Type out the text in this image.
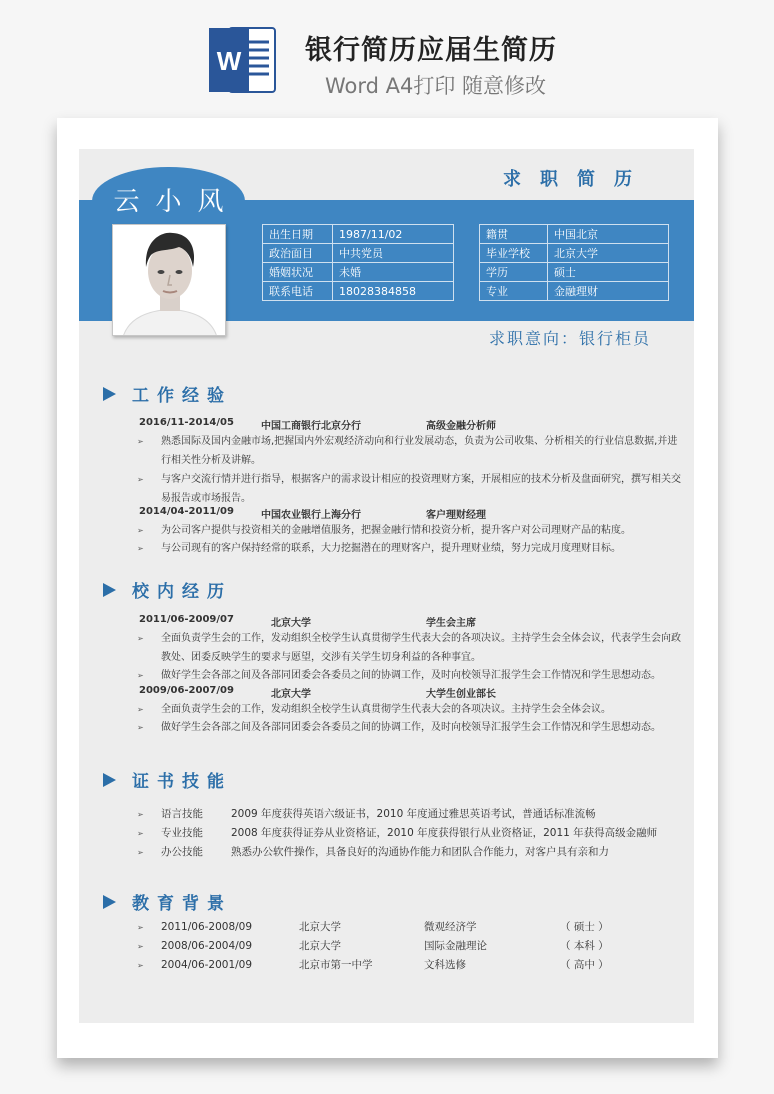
W 银行简历应届生简历
Word A4打印 随意修改
云小风
求职简历
出生日期	1987/11/02
政治面目	中共党员
婚姻状况	未婚
联系电话	18028384858
籍贯	中国北京
毕业学校	北京大学
学历	硕士
专业	金融理财
求职意向：银行柜员
工作经验
2016/11-2014/05	中国工商银行北京分行	高级金融分析师
➢ 熟悉国际及国内金融市场,把握国内外宏观经济动向和行业发展动态，负责为公司收集、分析相关的行业信息数据,并进行相关性分析及讲解。
➢ 与客户交流行情并进行指导，根据客户的需求设计相应的投资理财方案，开展相应的技术分析及盘面研究，撰写相关交易报告或市场报告。
2014/04-2011/09	中国农业银行上海分行	客户理财经理
➢ 为公司客户提供与投资相关的金融增值服务，把握金融行情和投资分析，提升客户对公司理财产品的粘度。
➢ 与公司现有的客户保持经常的联系，大力挖掘潜在的理财客户，提升理财业绩，努力完成月度理财目标。
校内经历
2011/06-2009/07	北京大学	学生会主席
➢ 全面负责学生会的工作，发动组织全校学生认真贯彻学生代表大会的各项决议。主持学生会全体会议，代表学生会向政教处、团委反映学生的要求与愿望，交涉有关学生切身利益的各种事宜。
➢ 做好学生会各部之间及各部同团委会各委员之间的协调工作，及时向校领导汇报学生会工作情况和学生思想动态。
2009/06-2007/09	北京大学	大学生创业部长
➢ 全面负责学生会的工作，发动组织全校学生认真贯彻学生代表大会的各项决议。主持学生会全体会议。
➢ 做好学生会各部之间及各部同团委会各委员之间的协调工作，及时向校领导汇报学生会工作情况和学生思想动态。
证书技能
语言技能	2009 年度获得英语六级证书，2010 年度通过雅思英语考试，普通话标准流畅
专业技能	2008 年度获得证券从业资格证，2010 年度获得银行从业资格证，2011 年获得高级金融师
办公技能	熟悉办公软件操作，具备良好的沟通协作能力和团队合作能力，对客户具有亲和力
教育背景
2011/06-2008/09	北京大学	微观经济学	（ 硕士 ）
2008/06-2004/09	北京大学	国际金融理论	（ 本科 ）
2004/06-2001/09	北京市第一中学	文科选修	（ 高中 ）
